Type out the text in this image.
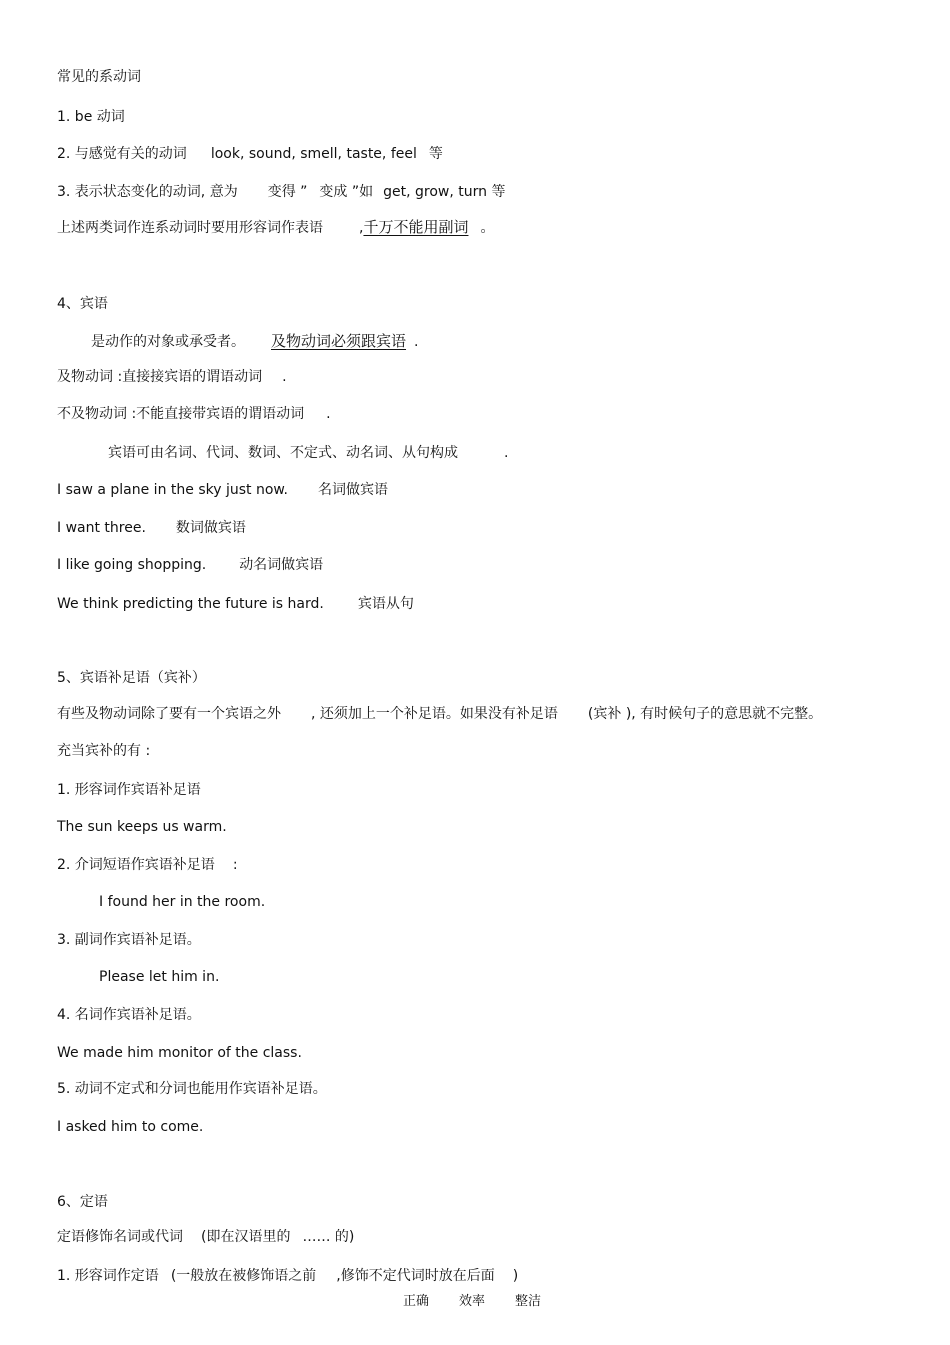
常见的系动词
1. be 动词
2. 与感觉有关的动词 look, sound, smell, taste, feel 等
3. 表示状态变化的动词, 意为 变得 ” 变成 ”如 get, grow, turn 等
上述两类词作连系动词时要用形容词作表语	,千万不能用副词 。
4、宾语
是动作的对象或承受者。 及物动词必须跟宾语 .
及物动词 :直接接宾语的谓语动词 .
不及物动词 :不能直接带宾语的谓语动词 .
宾语可由名词、代词、数词、不定式、动名词、从句构成	.
I saw a plane in the sky just now. 名词做宾语
I want three. 数词做宾语
I like going shopping. 动名词做宾语
We think predicting the future is hard. 宾语从句
5、宾语补足语（宾补）
有些及物动词除了要有一个宾语之外 , 还须加上一个补足语。如果没有补足语 (宾补 ), 有时候句子的意思就不完整。
充当宾补的有 :
1. 形容词作宾语补足语
The sun keeps us warm.
2. 介词短语作宾语补足语 :
I found her in the room.
3. 副词作宾语补足语。
Please let him in.
4. 名词作宾语补足语。
We made him monitor of the class.
5. 动词不定式和分词也能用作宾语补足语。
I asked him to come.
6、定语
定语修饰名词或代词 (即在汉语里的 …… 的)
1. 形容词作定语 (一般放在被修饰语之前 ,修饰不定代词时放在后面 )
正确 效率 整洁
